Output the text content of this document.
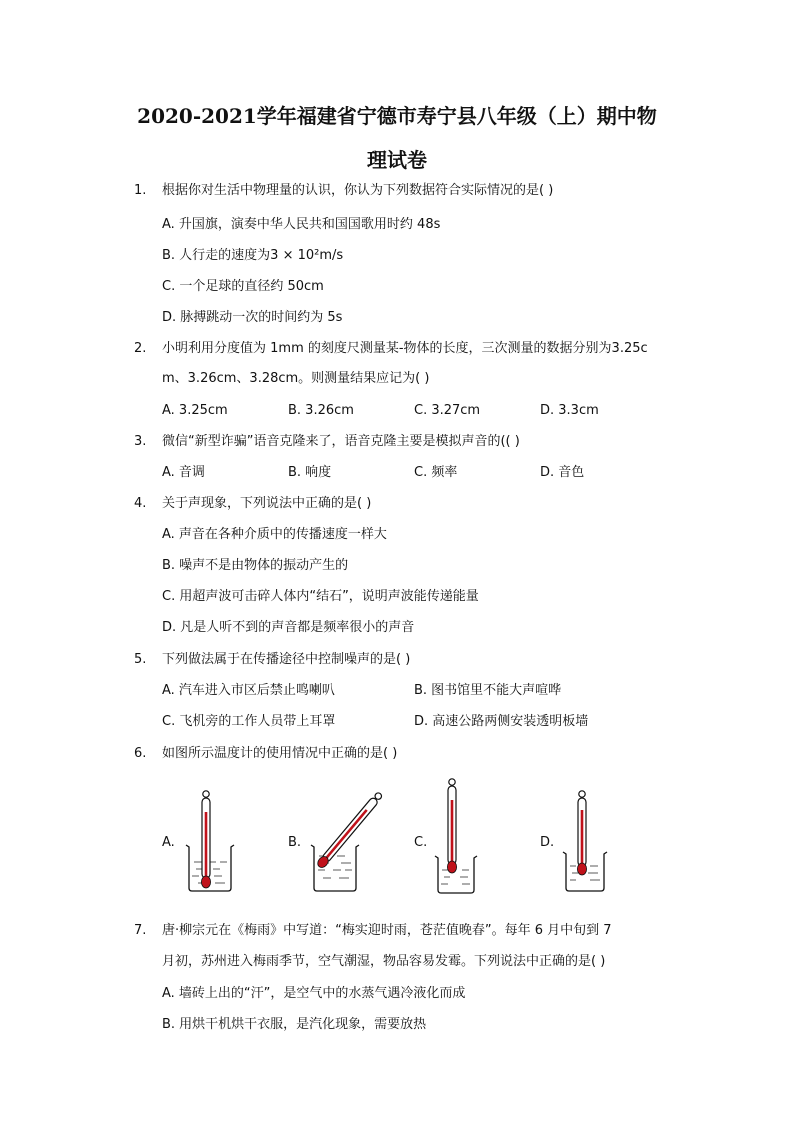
2020-2021学年福建省宁德市寿宁县八年级（上）期中物
理试卷
1. 根据你对生活中物理量的认识，你认为下列数据符合实际情况的是( )
A. 升国旗，演奏中华人民共和国国歌用时约 48s
B. 人行走的速度为3 × 10²m/s
C. 一个足球的直径约 50cm
D. 脉搏跳动一次的时间约为 5s
2. 小明利用分度值为 1mm 的刻度尺测量某-物体的长度，三次测量的数据分别为3.25c
m、3.26cm、3.28cm。则测量结果应记为( )
A. 3.25cm	B. 3.26cm	C. 3.27cm	D. 3.3cm
3. 微信“新型诈骗”语音克隆来了，语音克隆主要是模拟声音的(( )
A. 音调	B. 响度	C. 频率	D. 音色
4. 关于声现象，下列说法中正确的是( )
A. 声音在各种介质中的传播速度一样大
B. 噪声不是由物体的振动产生的
C. 用超声波可击碎人体内“结石”，说明声波能传递能量
D. 凡是人听不到的声音都是频率很小的声音
5. 下列做法属于在传播途径中控制噪声的是( )
A. 汽车进入市区后禁止鸣喇叭	B. 图书馆里不能大声喧哗
C. 飞机旁的工作人员带上耳罩	D. 高速公路两侧安装透明板墙
6. 如图所示温度计的使用情况中正确的是( )
A.	B.	C.	D.
7. 唐·柳宗元在《梅雨》中写道：“梅实迎时雨，苍茫值晚春”。每年 6 月中旬到 7
月初，苏州进入梅雨季节，空气潮湿，物品容易发霉。下列说法中正确的是( )
A. 墙砖上出的“汗”，是空气中的水蒸气遇冷液化而成
B. 用烘干机烘干衣服，是汽化现象，需要放热
